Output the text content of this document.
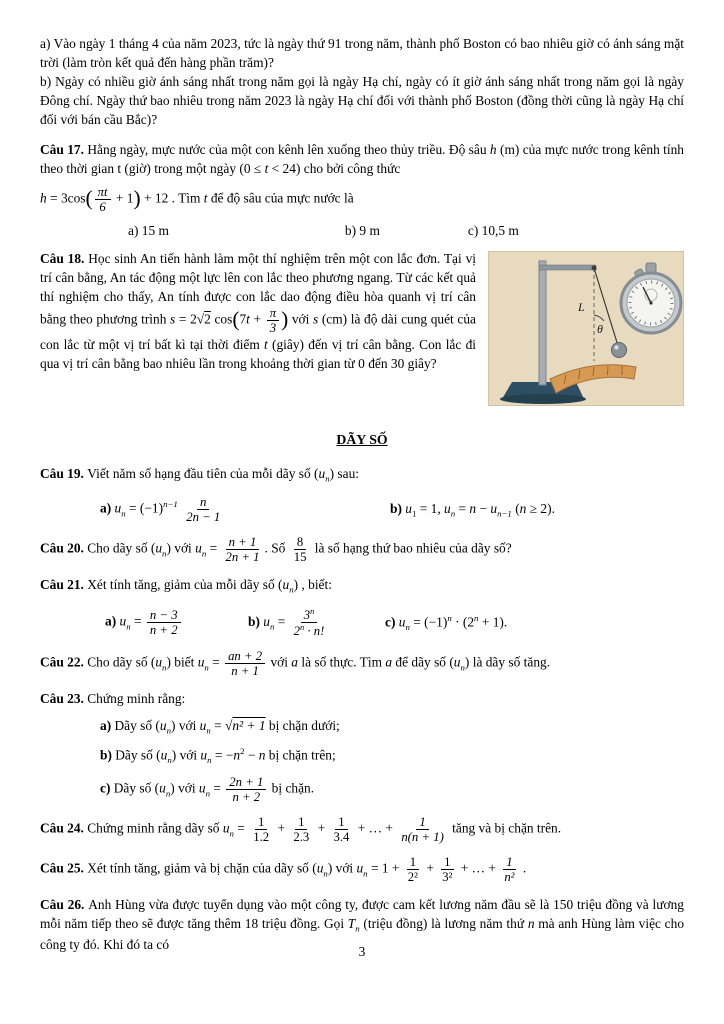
a) Vào ngày 1 tháng 4 của năm 2023, tức là ngày thứ 91 trong năm, thành phố Boston có bao nhiêu giờ có ánh sáng mặt trời (làm tròn kết quả đến hàng phần trăm)?

b) Ngày có nhiều giờ ánh sáng nhất trong năm gọi là ngày Hạ chí, ngày có ít giờ ánh sáng nhất trong năm gọi là ngày Đông chí. Ngày thứ bao nhiêu trong năm 2023 là ngày Hạ chí đối với thành phố Boston (đồng thời cũng là ngày Hạ chí đối với bán cầu Bắc)?

Câu 17. Hằng ngày, mực nước của một con kênh lên xuống theo thủy triều. Độ sâu h (m) của mực nước trong kênh tính theo thời gian t (giờ) trong một ngày (0 ≤ t < 24) cho bởi công thức

$h = 3\cos( \frac{\pi t}{6} + 1) + 12$ . Tìm t để độ sâu của mực nước là

a) 15 m	b) 9 m	c) 10,5 m

L
θ
Câu 18. Học sinh An tiến hành làm một thí nghiệm trên một con lắc đơn. Tại vị trí cân bằng, An tác động một lực lên con lắc theo phương ngang. Từ các kết quả thí nghiệm cho thấy, An tính được con lắc dao động điều hòa quanh vị trí cân bằng theo phương trình s = 2√2 $\cos(7t + \frac{\pi}{3}$ ) với s (cm) là độ dài cung quét của con lắc từ một vị trí bất kì tại thời điểm t (giây) đến vị trí cân bằng. Con lắc đi qua vị trí cân bằng bao nhiêu lần trong khoảng thời gian từ 0 đến 30 giây?

DÃY SỐ

Câu 19. Viết năm số hạng đầu tiên của mỗi dãy số $(u_n)$ sau:

a) $u_n = (-1)^{n-1} \frac{n}{2n - 1}$	b) $u_1 = 1$, $u_n = n - u_{n-1}$ (n ≥ 2).

Câu 20. Cho dãy số $(u_n)$ với $u_n = \frac{n + 1}{2n + 1}$ . Số $\frac{8}{15}$ là số hạng thứ bao nhiêu của dãy số?

Câu 21. Xét tính tăng, giảm của mỗi dãy số $(u_n)$ , biết:

a) $u_n = \frac{n - 3}{n + 2}$	b) $u_n = \frac{3^n}{2^n \cdot n!}$	c) $u_n = (-1)^n \cdot (2^n + 1)$.

Câu 22. Cho dãy số $(u_n)$ biết $u_n = \frac{an + 2}{n + 1}$ với a là số thực. Tìm a để dãy số $(u_n)$ là dãy số tăng.

Câu 23. Chứng minh rằng:

a) Dãy số $(u_n)$ với $u_n = √n^2 + 1$ bị chặn dưới;

b) Dãy số $(u_n)$ với $u_n = -n^2 - n$ bị chặn trên;

c) Dãy số $(u_n)$ với $u_n = \frac{2n + 1}{n + 2}$ bị chặn.

Câu 24. Chứng minh rằng dãy số $u_n = \frac{1}{1.2} + \frac{1}{2.3} + \frac{1}{3.4}$ + … + $\frac{1}{n(n + 1)}$ tăng và bị chặn trên.

Câu 25. Xét tính tăng, giảm và bị chặn của dãy số $(u_n)$ với $u_n = 1 + \frac{1}{\text{2²}} + \frac{1}{\text{3²}}$ + … + $\frac{1}{\text{n²}}$ .

Câu 26. Anh Hùng vừa được tuyển dụng vào một công ty, được cam kết lương năm đầu sẽ là 150 triệu đồng và lương mỗi năm tiếp theo sẽ được tăng thêm 18 triệu đồng. Gọi $T_n$ (triệu đồng) là lương năm thứ n mà anh Hùng làm việc cho công ty đó. Khi đó ta có	3
